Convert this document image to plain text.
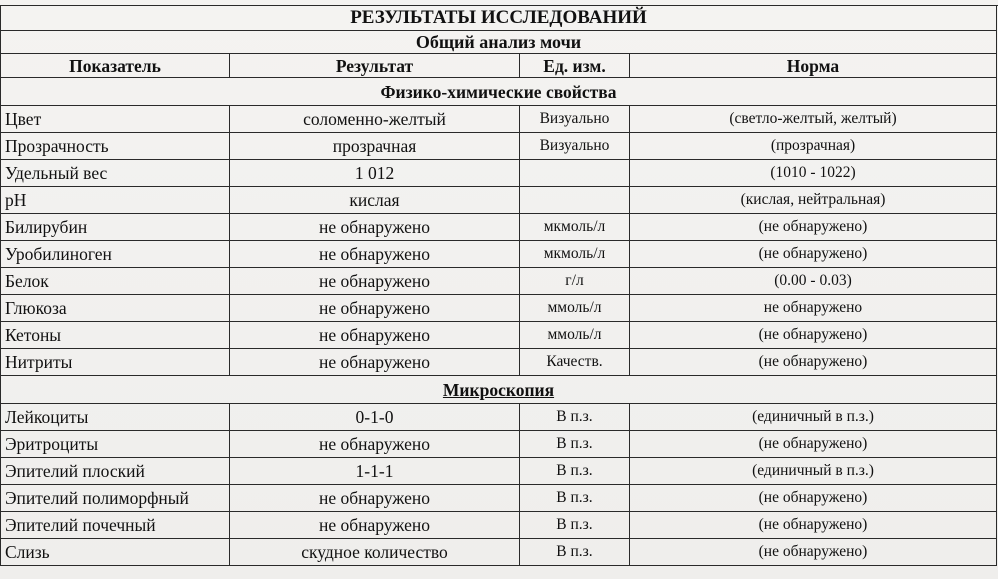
РЕЗУЛЬТАТЫ ИССЛЕДОВАНИЙ			
Общий анализ мочи			
Показатель	Результат	Ед. изм.	Норма
Физико-химические свойства			
Цвет	соломенно-желтый	Визуально	(светло-желтый, желтый)
Прозрачность	прозрачная	Визуально	(прозрачная)
Удельный вес	1 012		(1010 - 1022)
pH	кислая		(кислая, нейтральная)
Билирубин	не обнаружено	мкмоль/л	(не обнаружено)
Уробилиноген	не обнаружено	мкмоль/л	(не обнаружено)
Белок	не обнаружено	г/л	(0.00 - 0.03)
Глюкоза	не обнаружено	ммоль/л	не обнаружено
Кетоны	не обнаружено	ммоль/л	(не обнаружено)
Нитриты	не обнаружено	Качеств.	(не обнаружено)
Микроскопия			
Лейкоциты	0-1-0	В п.з.	(единичный в п.з.)
Эритроциты	не обнаружено	В п.з.	(не обнаружено)
Эпителий плоский	1-1-1	В п.з.	(единичный в п.з.)
Эпителий полиморфный	не обнаружено	В п.з.	(не обнаружено)
Эпителий почечный	не обнаружено	В п.з.	(не обнаружено)
Слизь	скудное количество	В п.з.	(не обнаружено)
